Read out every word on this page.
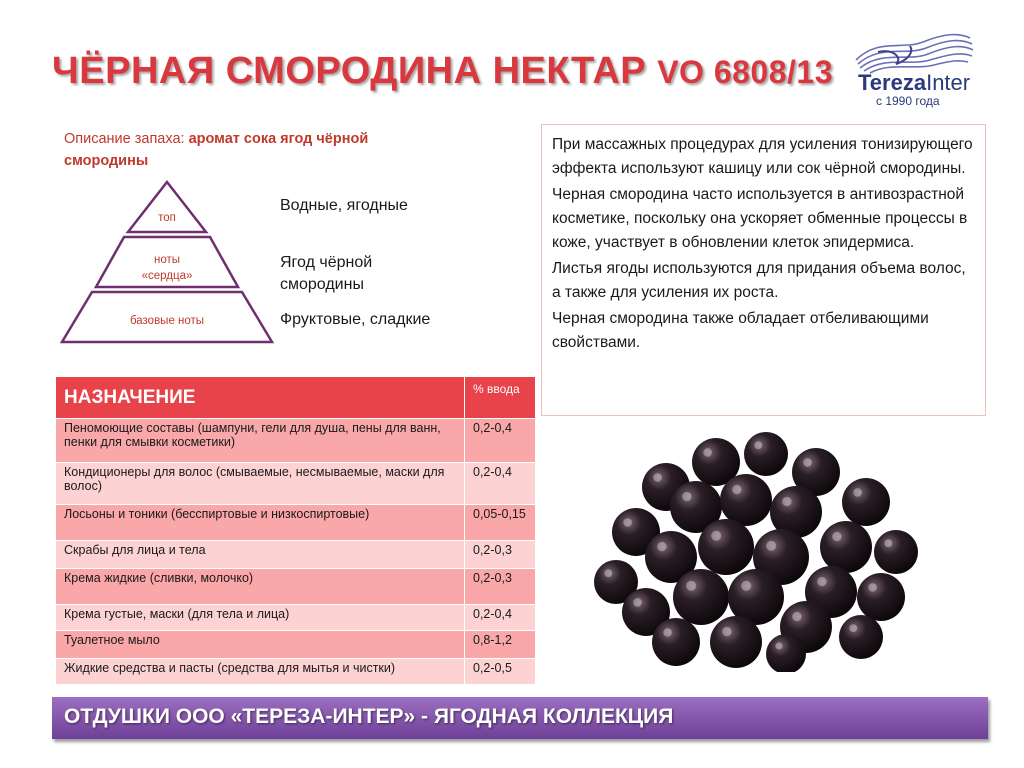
ЧЁРНАЯ СМОРОДИНА НЕКТАР VO 6808/13 TerezaInter
с 1990 года
Описание запаха: аромат сока ягод чёрной смородины
топ
ноты
«сердца»
базовые ноты
Водные, ягодные
Ягод чёрной
смородины
Фруктовые, сладкие

При массажных процедурах для усиления тонизирующего эффекта используют кашицу или сок чёрной смородины.

Черная смородина часто используется в антивозрастной косметике, поскольку она ускоряет обменные процессы в коже, участвует в обновлении клеток эпидермиса.

Листья ягоды используются для придания объема волос, а также для усиления их роста.

Черная смородина также обладает отбеливающими свойствами.

НАЗНАЧЕНИЕ	% ввода
Пеномоющие составы (шампуни, гели для душа, пены для ванн, пенки для смывки косметики)	0,2-0,4
Кондиционеры для волос (смываемые, несмываемые, маски для волос)	0,2-0,4
Лосьоны и тоники (бесспиртовые и низкоспиртовые)	0,05-0,15
Скрабы для лица и тела	0,2-0,3
Крема жидкие (сливки, молочко)	0,2-0,3
Крема густые, маски (для тела и лица)	0,2-0,4
Туалетное мыло	0,8-1,2
Жидкие средства и пасты (средства для мытья и чистки)	0,2-0,5
ОТДУШКИ ООО «ТЕРЕЗА-ИНТЕР» - ЯГОДНАЯ КОЛЛЕКЦИЯ
